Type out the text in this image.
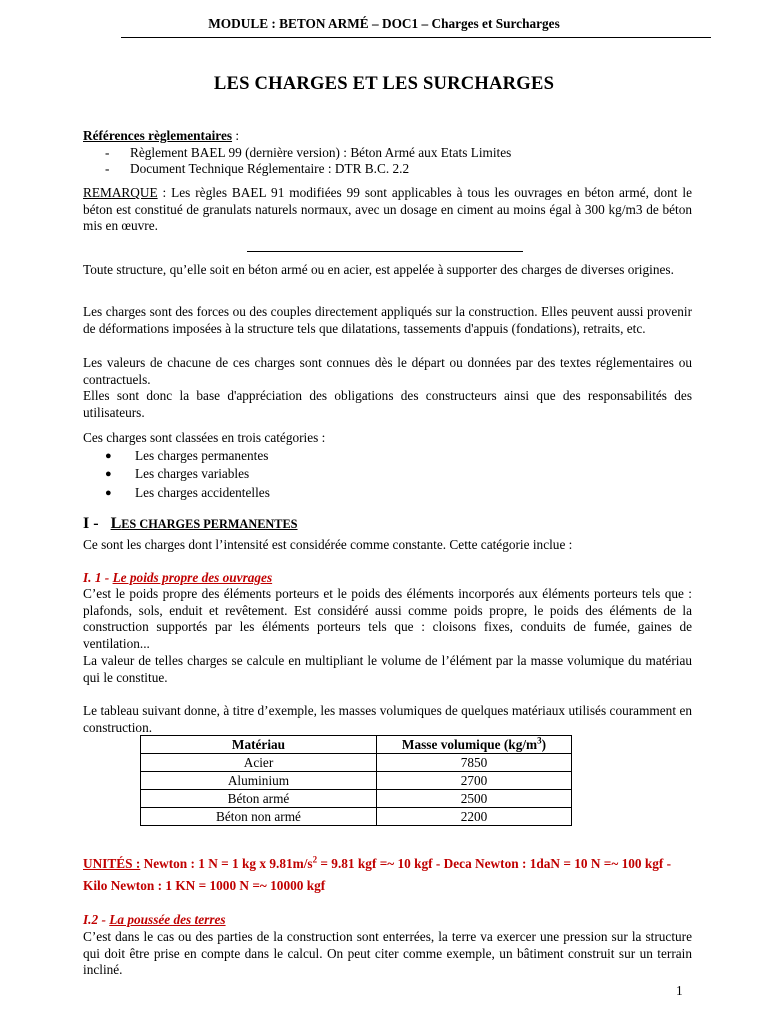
MODULE : BETON ARMÉ – DOC1 – Charges et Surcharges
LES CHARGES ET LES SURCHARGES

Références règlementaires :

- Règlement BAEL 99 (dernière version) : Béton Armé aux Etats Limites
- Document Technique Réglementaire : DTR B.C. 2.2
REMARQUE : Les règles BAEL 91 modifiées 99 sont applicables à tous les ouvrages en béton armé, dont le béton est constitué de granulats naturels normaux, avec un dosage en ciment au moins égal à 300 kg/m3 de béton mis en œuvre.

Toute structure, qu’elle soit en béton armé ou en acier, est appelée à supporter des charges de diverses origines.

Les charges sont des forces ou des couples directement appliqués sur la construction. Elles peuvent aussi provenir de déformations imposées à la structure tels que dilatations, tassements d'appuis (fondations), retraits, etc.

Les valeurs de chacune de ces charges sont connues dès le départ ou données par des textes réglementaires ou contractuels.

Elles sont donc la base d'appréciation des obligations des constructeurs ainsi que des responsabilités des utilisateurs.

Ces charges sont classées en trois catégories :

● Les charges permanentes
● Les charges variables
● Les charges accidentelles
I - LES CHARGES PERMANENTES

Ce sont les charges dont l’intensité est considérée comme constante. Cette catégorie inclue :

I. 1 - Le poids propre des ouvrages

C’est le poids propre des éléments porteurs et le poids des éléments incorporés aux éléments porteurs tels que : plafonds, sols, enduit et revêtement. Est considéré aussi comme poids propre, le poids des éléments de la construction supportés par les éléments porteurs tels que : cloisons fixes, conduits de fumée, gaines de ventilation...

La valeur de telles charges se calcule en multipliant le volume de l’élément par la masse volumique du matériau qui le constitue.

Le tableau suivant donne, à titre d’exemple, les masses volumiques de quelques matériaux utilisés couramment en construction.

Matériau	Masse volumique $(kg/m^3)$
Acier	7850
Aluminium	2700
Béton armé	2500
Béton non armé	2200
UNITÉS : Newton : 1 N = 1 kg x $9.81m/s^2 = 9.81$ kgf =~ 10 kgf - Deca Newton : 1daN = 10 N =~ 100 kgf - Kilo Newton : 1 KN = 1000 N =~ 10000 kgf
I.2 - La poussée des terres

C’est dans le cas ou des parties de la construction sont enterrées, la terre va exercer une pression sur la structure qui doit être prise en compte dans le calcul. On peut citer comme exemple, un bâtiment construit sur un terrain incliné.

1
